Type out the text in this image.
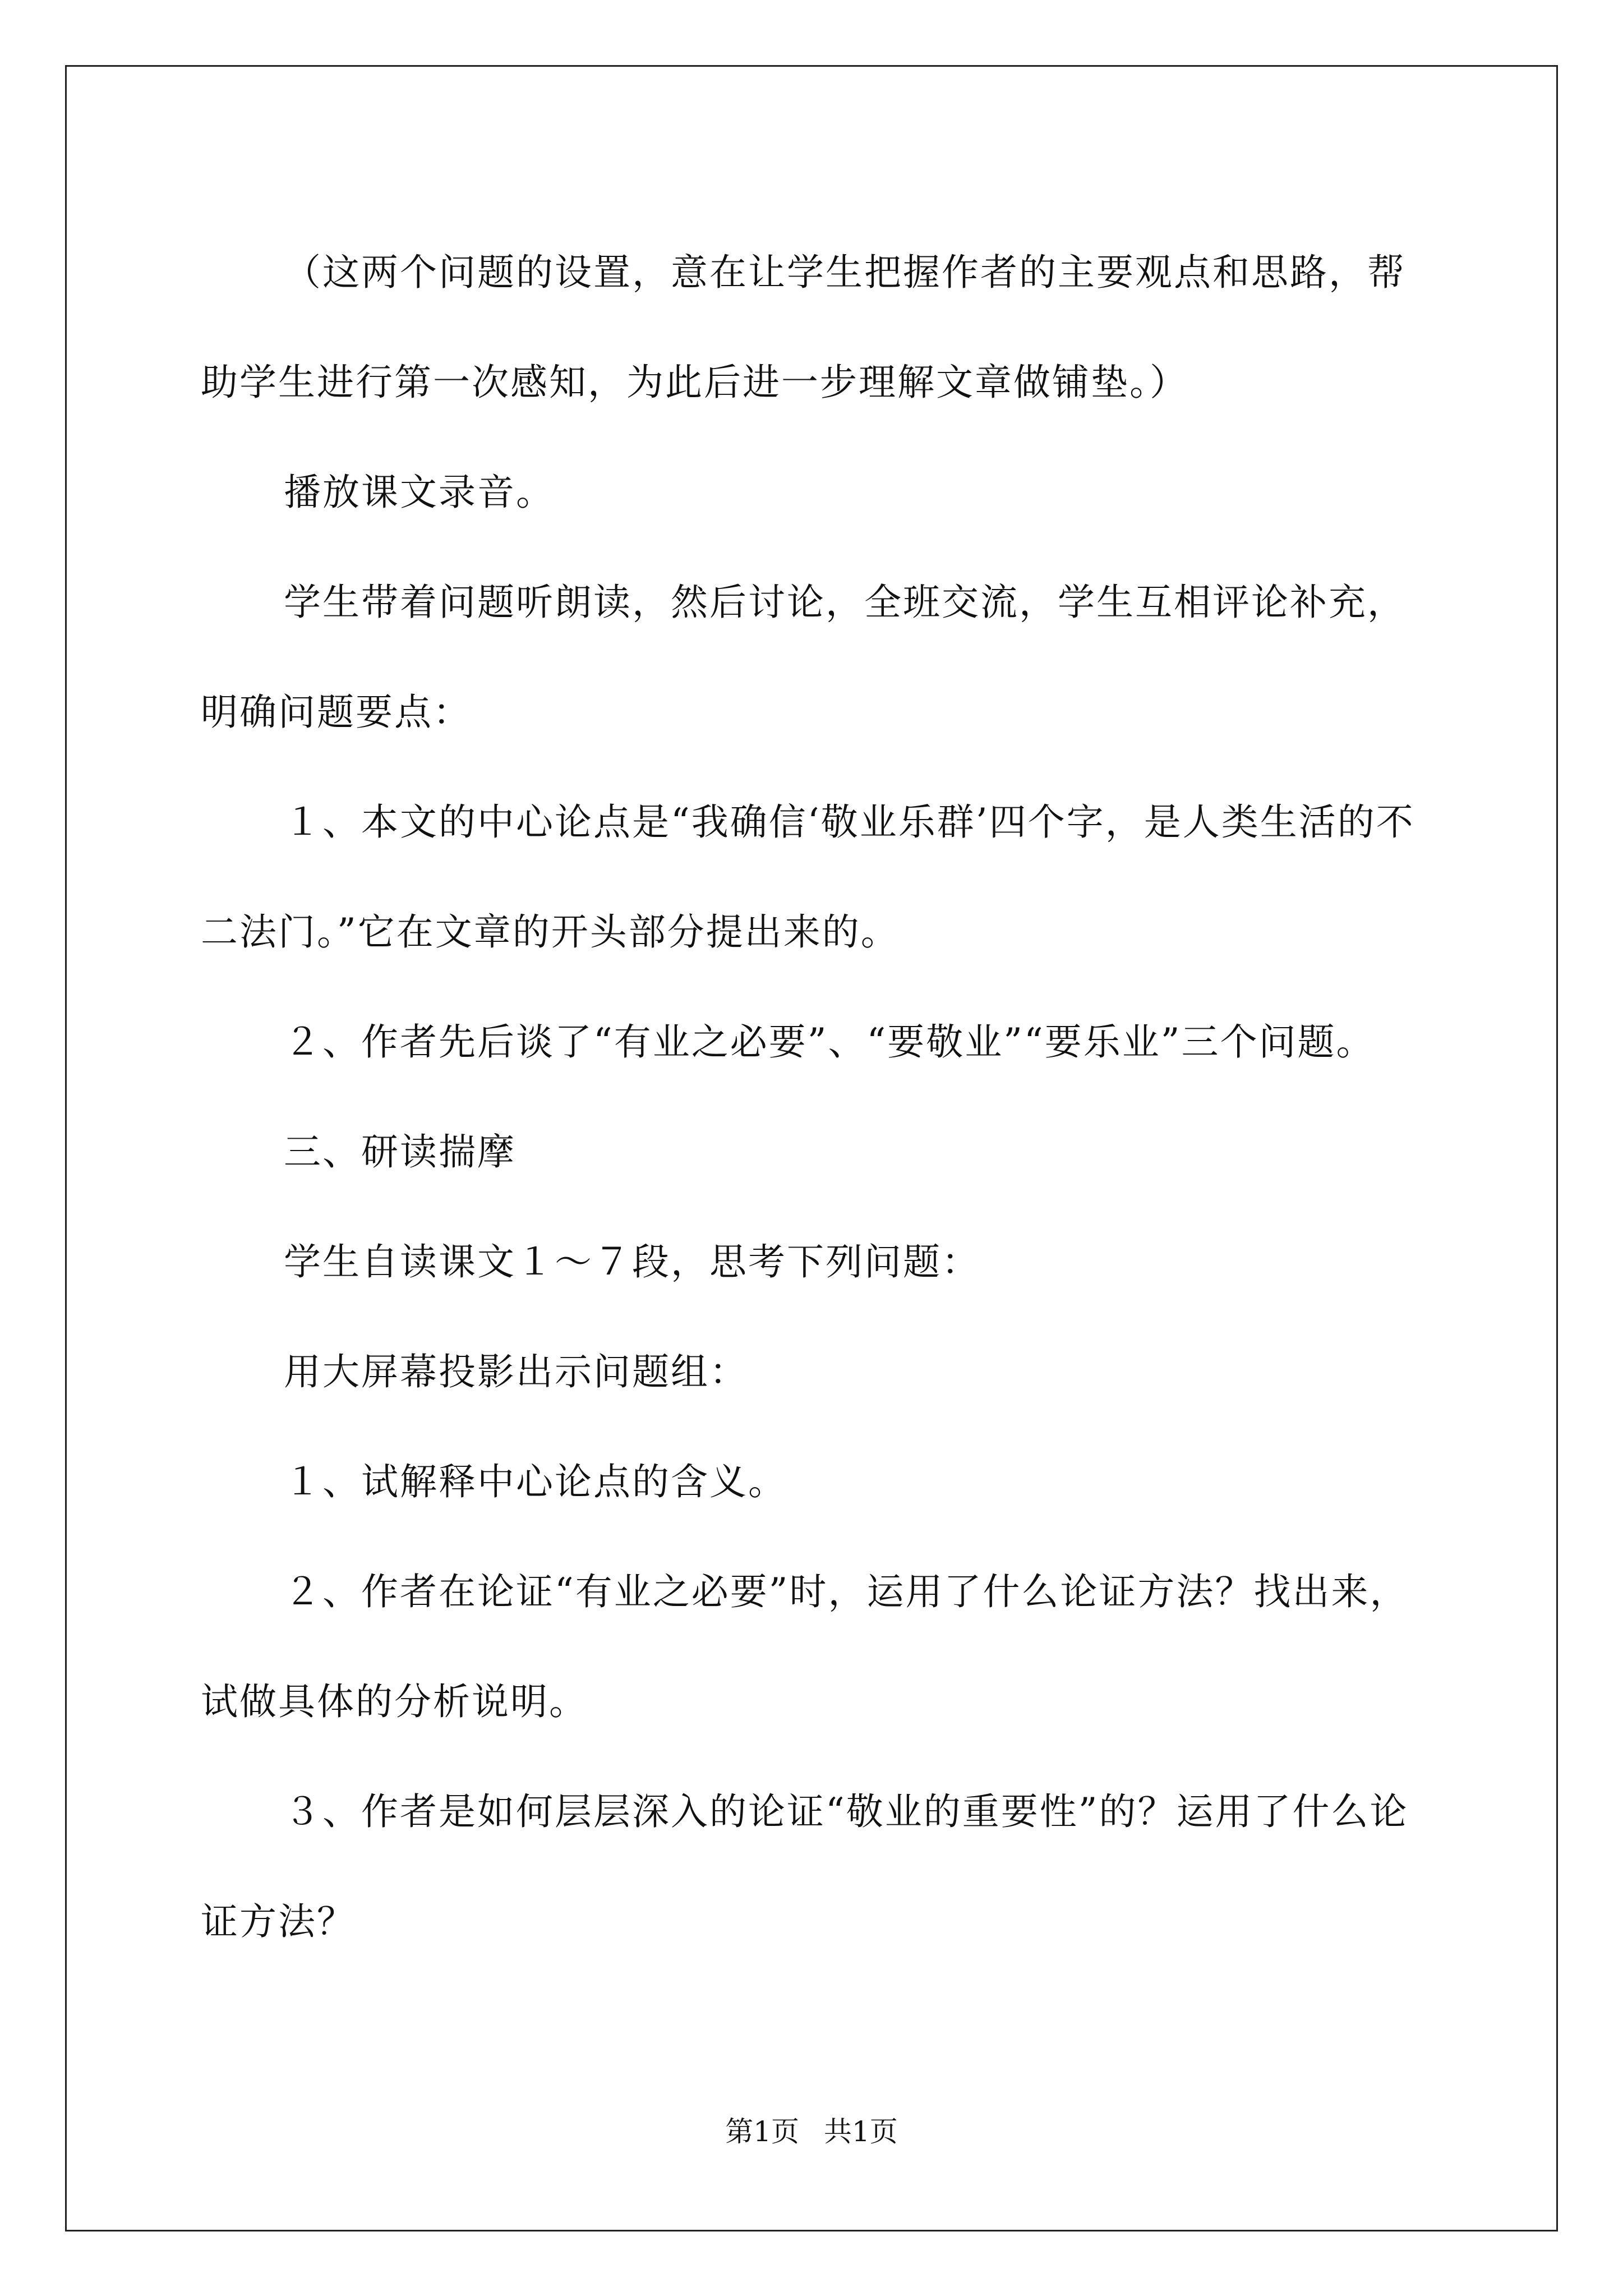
（这两个问题的设置，意在让学生把握作者的主要观点和思路，帮助学生进行第一次感知，为此后进一步理解文章做铺垫。）

播放课文录音。

学生带着问题听朗读，然后讨论，全班交流，学生互相评论补充，明确问题要点：

１、本文的中心论点是“我确信‘敬业乐群’四个字，是人类生活的不二法门。”它在文章的开头部分提出来的。

２、作者先后谈了“有业之必要”、“要敬业”“要乐业”三个问题。

三、研读揣摩

学生自读课文１～７段，思考下列问题：

用大屏幕投影出示问题组：

１、试解释中心论点的含义。

２、作者在论证“有业之必要”时，运用了什么论证方法？找出来，试做具体的分析说明。

３、作者是如何层层深入的论证“敬业的重要性”的？运用了什么论证方法？

第1页 共1页
